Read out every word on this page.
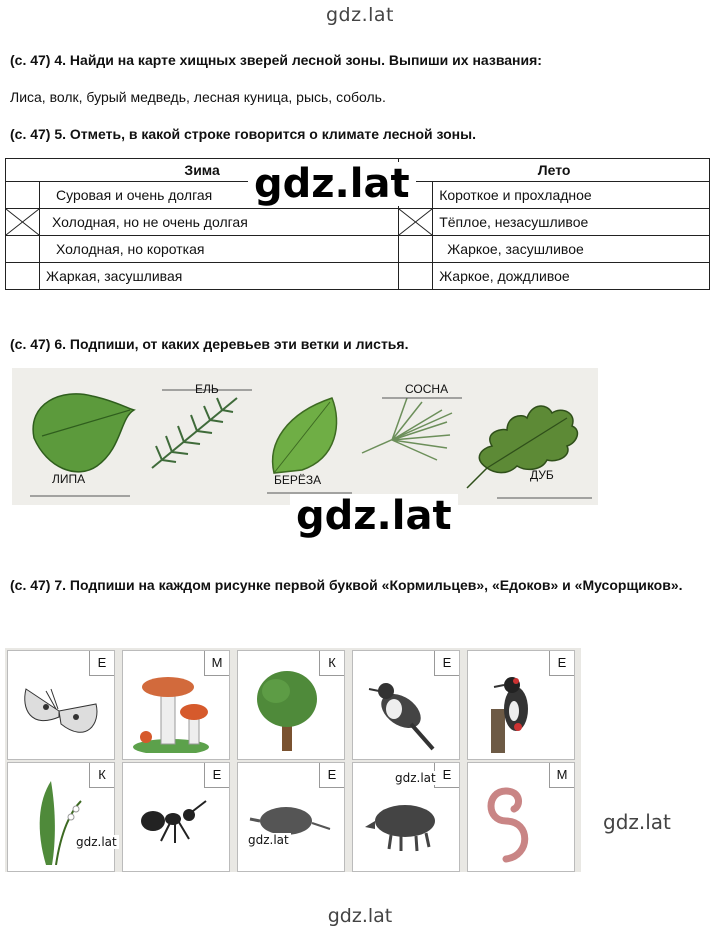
gdz.lat
(с. 47) 4. Найди на карте хищных зверей лесной зоны. Выпиши их названия:
Лиса, волк, бурый медведь, лесная куница, рысь, соболь.
(с. 47) 5. Отметь, в какой строке говорится о климате лесной зоны.
Зима		Лето	
	Суровая и очень долгая		Короткое и прохладное

	Холодная, но не очень долгая		Тёплое, незасушливое
	Холодная, но короткая		Жаркое, засушливое
	Жаркая, засушливая		Жаркое, дождливое
gdz.lat
(с. 47) 6. Подпиши, от каких деревьев эти ветки и листья.
ЛИПА
ЕЛЬ
БЕРЁЗА
СОСНА
ДУБ
gdz.lat
(с. 47) 7. Подпиши на каждом рисунке первой буквой «Кормильцев», «Едоков» и «Мусорщиков».
Е	М	К	Е	Е
К
gdz.lat
Е	Е
gdz.lat
Е
gdz.lat	М
gdz.lat
gdz.lat
